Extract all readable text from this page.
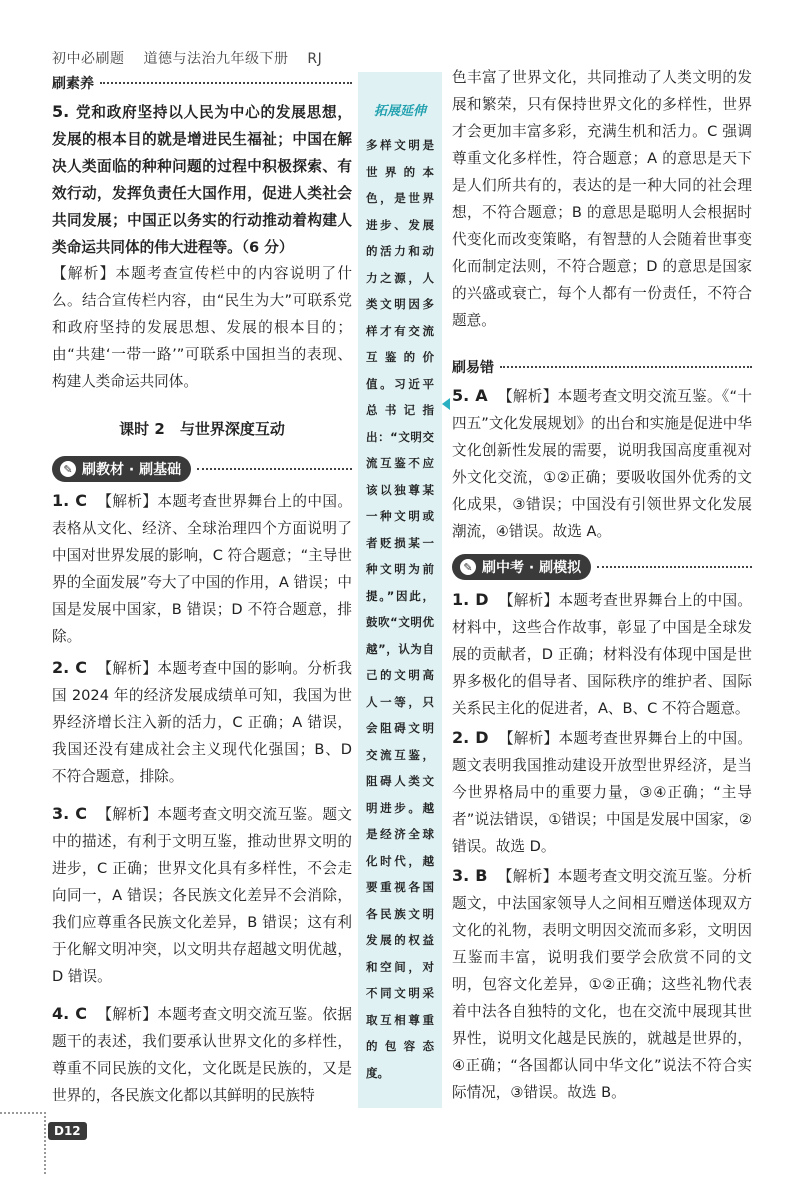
初中必刷题 道德与法治九年级下册 RJ
刷素养
5. 党和政府坚持以人民为中心的发展思想，发展的根本目的就是增进民生福祉；中国在解决人类面临的种种问题的过程中积极探索、有效行动，发挥负责任大国作用，促进人类社会共同发展；中国正以务实的行动推动着构建人类命运共同体的伟大进程等。（6 分）
【解析】本题考查宣传栏中的内容说明了什么。结合宣传栏内容，由“民生为大”可联系党和政府坚持的发展思想、发展的根本目的；由“共建‘一带一路’”可联系中国担当的表现、构建人类命运共同体。
课时 2　与世界深度互动
✎ 刷教材 · 刷基础
1. C 【解析】本题考查世界舞台上的中国。表格从文化、经济、全球治理四个方面说明了中国对世界发展的影响，C 符合题意；“主导世界的全面发展”夸大了中国的作用，A 错误；中国是发展中国家，B 错误；D 不符合题意，排除。
2. C 【解析】本题考查中国的影响。分析我国 2024 年的经济发展成绩单可知，我国为世界经济增长注入新的活力，C 正确；A 错误，我国还没有建成社会主义现代化强国；B、D 不符合题意，排除。
3. C 【解析】本题考查文明交流互鉴。题文中的描述，有利于文明互鉴，推动世界文明的进步，C 正确；世界文化具有多样性，不会走向同一，A 错误；各民族文化差异不会消除，我们应尊重各民族文化差异，B 错误；这有利于化解文明冲突，以文明共存超越文明优越，D 错误。
4. C 【解析】本题考查文明交流互鉴。依据题干的表述，我们要承认世界文化的多样性，尊重不同民族的文化，文化既是民族的，又是世界的，各民族文化都以其鲜明的民族特
拓展延伸
多样文明是世界的本色，是世界进步、发展的活力和动力之源，人类文明因多样才有交流互鉴的价值。习近平总书记指出：“文明交流互鉴不应该以独尊某一种文明或者贬损某一种文明为前提。”因此，鼓吹“文明优越”，认为自己的文明高人一等，只会阻碍文明交流互鉴，阻碍人类文明进步。越是经济全球化时代，越要重视各国各民族文明发展的权益和空间，对不同文明采取互相尊重的包容态度。
色丰富了世界文化，共同推动了人类文明的发展和繁荣，只有保持世界文化的多样性，世界才会更加丰富多彩，充满生机和活力。C 强调尊重文化多样性，符合题意；A 的意思是天下是人们所共有的，表达的是一种大同的社会理想，不符合题意；B 的意思是聪明人会根据时代变化而改变策略，有智慧的人会随着世事变化而制定法则，不符合题意；D 的意思是国家的兴盛或衰亡，每个人都有一份责任，不符合题意。
刷易错
5. A 【解析】本题考查文明交流互鉴。《“十四五”文化发展规划》的出台和实施是促进中华文化创新性发展的需要，说明我国高度重视对外文化交流，①②正确；要吸收国外优秀的文化成果，③错误；中国没有引领世界文化发展潮流，④错误。故选 A。
✎ 刷中考 · 刷模拟
1. D 【解析】本题考查世界舞台上的中国。材料中，这些合作故事，彰显了中国是全球发展的贡献者，D 正确；材料没有体现中国是世界多极化的倡导者、国际秩序的维护者、国际关系民主化的促进者，A、B、C 不符合题意。
2. D 【解析】本题考查世界舞台上的中国。题文表明我国推动建设开放型世界经济，是当今世界格局中的重要力量，③④正确；“主导者”说法错误，①错误；中国是发展中国家，②错误。故选 D。
3. B 【解析】本题考查文明交流互鉴。分析题文，中法国家领导人之间相互赠送体现双方文化的礼物，表明文明因交流而多彩，文明因互鉴而丰富，说明我们要学会欣赏不同的文明，包容文化差异，①②正确；这些礼物代表着中法各自独特的文化，也在交流中展现其世界性，说明文化越是民族的，就越是世界的，④正确；“各国都认同中华文化”说法不符合实际情况，③错误。故选 B。
D12
